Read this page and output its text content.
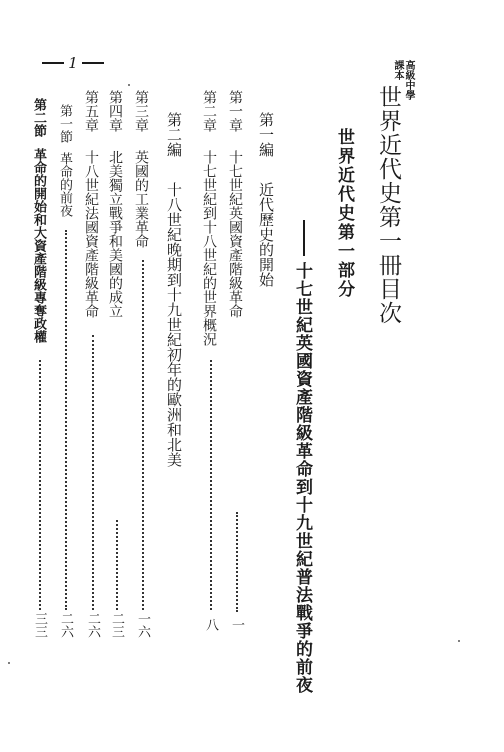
1	高級中學
課本
世界近代史第一冊目次
世界近代史第一部分
十七世紀英國資產階級革命到十九世紀普法戰爭的前夜
第一編
近代歷史的開始
第一章
十七世紀英國資產階級革命
一
第二章
十七世紀到十八世紀的世界概況
八
第二編
十八世紀晚期到十九世紀初年的歐洲和北美
第三章
英國的工業革命
一六
第四章
北美獨立戰爭和美國的成立
二三
第五章
十八世紀法國資產階級革命
二六
第一節
革命的前夜
二六
第二節
革命的開始和大資產階級專奪政權
三三
